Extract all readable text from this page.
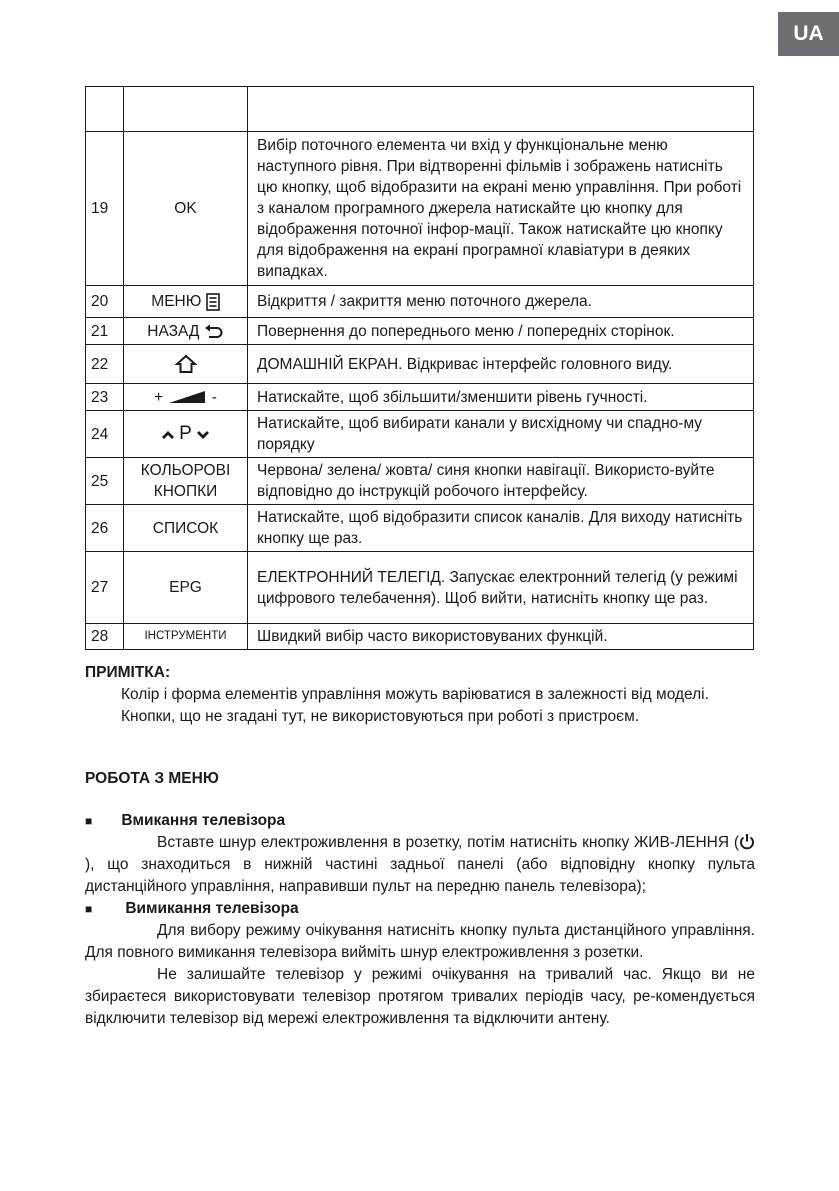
UA

19	OK	Вибір поточного елемента чи вхід у функціональне меню наступного рівня. При відтворенні фільмів і зображень натисніть цю кнопку, щоб відобразити на екрані меню управління. При роботі з каналом програмного джерела натискайте цю кнопку для відображення поточної інфор-мації. Також натискайте цю кнопку для відображення на екрані програмної клавіатури в деяких випадках.
20	МЕНЮ	Відкриття / закриття меню поточного джерела.
21	НАЗАД	Повернення до попереднього меню / попередніх сторінок.
22		ДОМАШНІЙ ЕКРАН. Відкриває інтерфейс головного виду.
23	+ -	Натискайте, щоб збільшити/зменшити рівень гучності.
24	P	Натискайте, щоб вибирати канали у висхідному чи спадно-му порядку
25	КОЛЬОРОВІ КНОПКИ	Червона/ зелена/ жовта/ синя кнопки навігації. Використо-вуйте відповідно до інструкцій робочого інтерфейсу.
26	СПИСОК	Натискайте, щоб відобразити список каналів. Для виходу натисніть кнопку ще раз.
27	EPG	ЕЛЕКТРОННИЙ ТЕЛЕГІД. Запускає електронний телегід (у режимі цифрового телебачення). Щоб вийти, натисніть кнопку ще раз.
28	ІНСТРУМЕНТИ	Швидкий вибір часто використовуваних функцій.
ПРИМІТКА:
Колір і форма елементів управління можуть варіюватися в залежності від моделі.
Кнопки, що не згадані тут, не використовуються при роботі з пристроєм.
РОБОТА З МЕНЮ
■ Вмикання телевізора
Вставте шнур електроживлення в розетку, потім натисніть кнопку ЖИВ-ЛЕННЯ (), що знаходиться в нижній частині задньої панелі (або відповідну кнопку пульта дистанційного управління, направивши пульт на передню панель телевізора);
■ Вимикання телевізора
Для вибору режиму очікування натисніть кнопку пульта дистанційного управління. Для повного вимикання телевізора вийміть шнур електроживлення з розетки.
Не залишайте телевізор у режимі очікування на тривалий час. Якщо ви не збираєтеся використовувати телевізор протягом тривалих періодів часу, ре-комендується відключити телевізор від мережі електроживлення та відключити антену.
